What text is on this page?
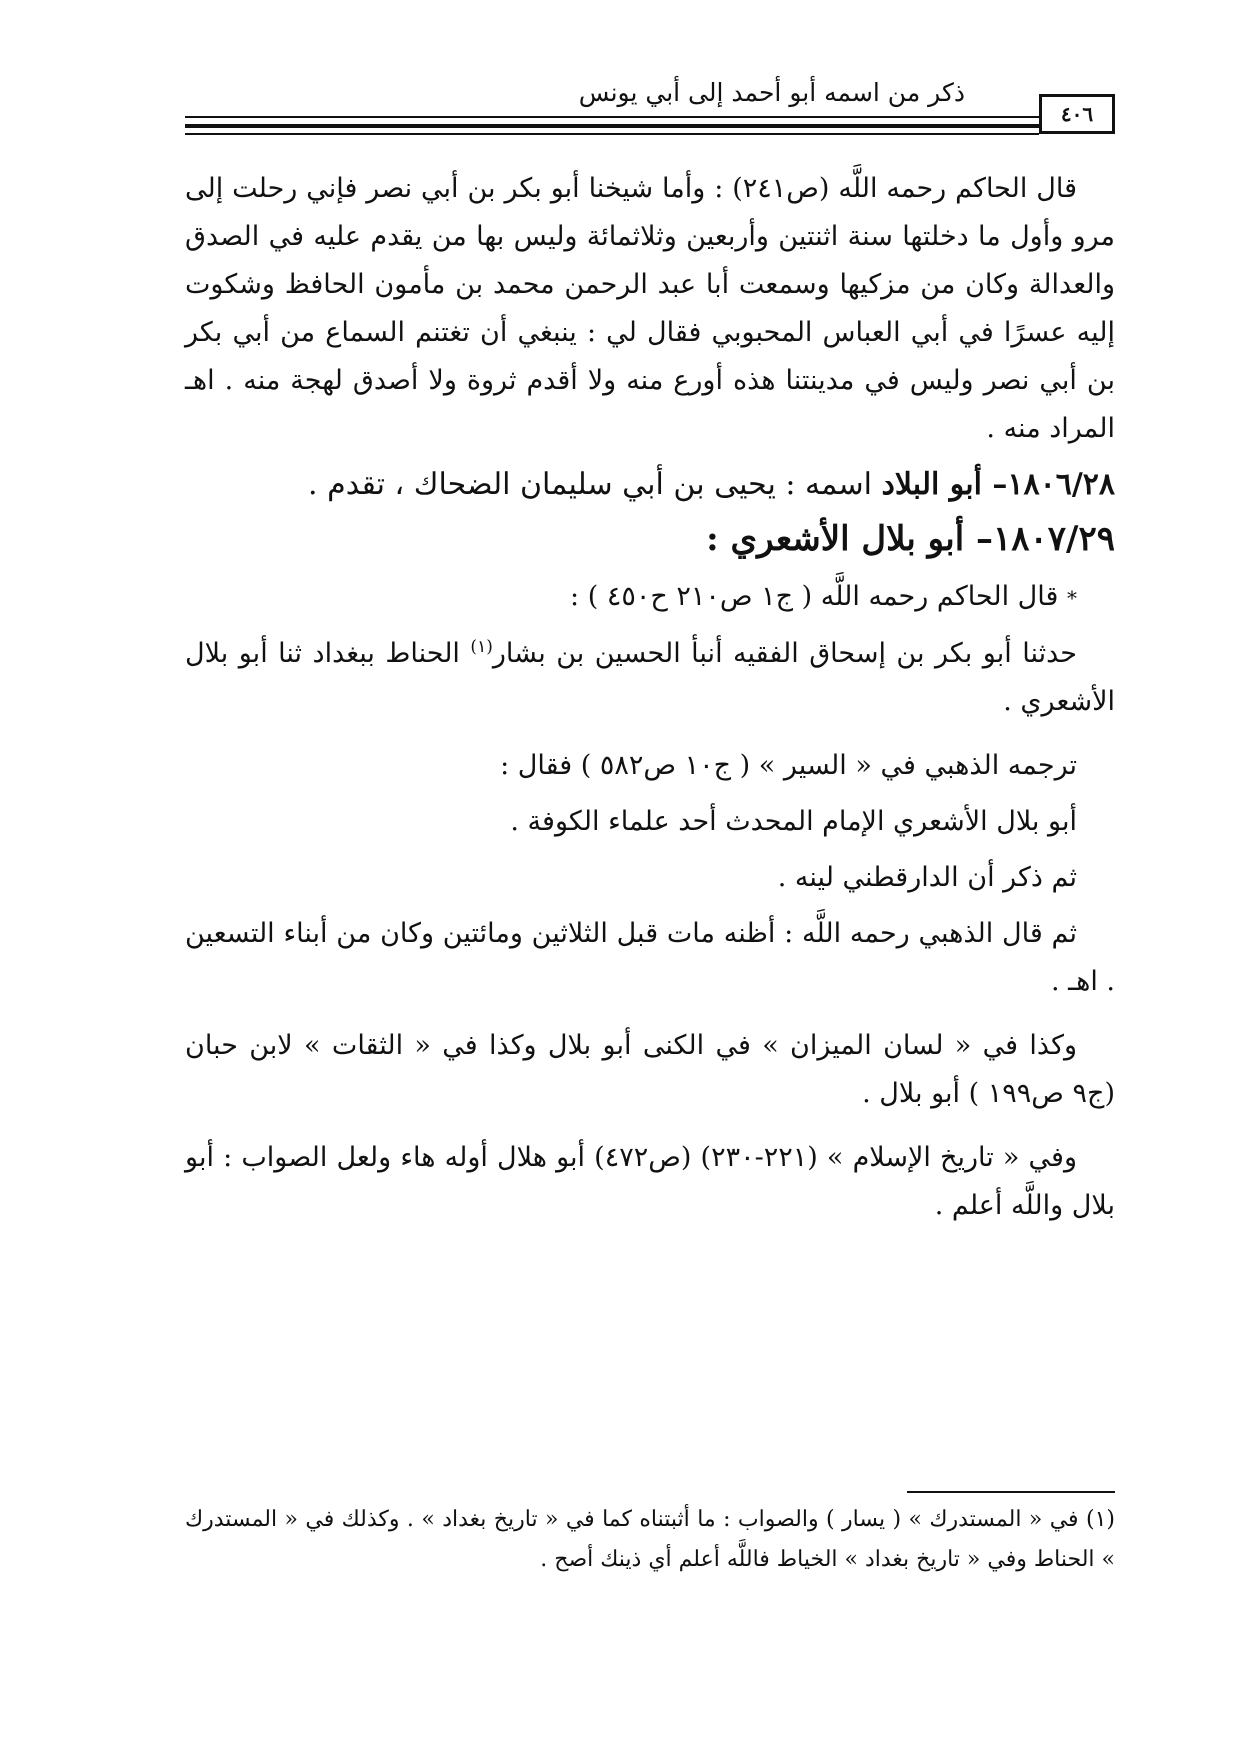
٤٠٦
ذكر من اسمه أبو أحمد إلى أبي يونس

قال الحاكم رحمه اللَّه (ص٢٤١) : وأما شيخنا أبو بكر بن أبي نصر فإني رحلت إلى مرو وأول ما دخلتها سنة اثنتين وأربعين وثلاثمائة وليس بها من يقدم عليه في الصدق والعدالة وكان من مزكيها وسمعت أبا عبد الرحمن محمد بن مأمون الحافظ وشكوت إليه عسرًا في أبي العباس المحبوبي فقال لي : ينبغي أن تغتنم السماع من أبي بكر بن أبي نصر وليس في مدينتنا هذه أورع منه ولا أقدم ثروة ولا أصدق لهجة منه . اهـ المراد منه .

١٨٠٦/٢٨– أبو البلاد اسمه : يحيى بن أبي سليمان الضحاك ، تقدم .

١٨٠٧/٢٩– أبو بلال الأشعري :

* قال الحاكم رحمه اللَّه ( ج١ ص٢١٠ ح٤٥٠ ) :

حدثنا أبو بكر بن إسحاق الفقيه أنبأ الحسين بن بشار$^{(١)}$ الحناط ببغداد ثنا أبو بلال الأشعري .

ترجمه الذهبي في « السير » ( ج١٠ ص٥٨٢ ) فقال :

أبو بلال الأشعري الإمام المحدث أحد علماء الكوفة .

ثم ذكر أن الدارقطني لينه .

ثم قال الذهبي رحمه اللَّه : أظنه مات قبل الثلاثين ومائتين وكان من أبناء التسعين . اهـ .

وكذا في « لسان الميزان » في الكنى أبو بلال وكذا في « الثقات » لابن حبان (ج٩ ص١٩٩ ) أبو بلال .

وفي « تاريخ الإسلام » (٢٢١-٢٣٠) (ص٤٧٢) أبو هلال أوله هاء ولعل الصواب : أبو بلال واللَّه أعلم .

(١) في « المستدرك » ( يسار ) والصواب : ما أثبتناه كما في « تاريخ بغداد » . وكذلك في « المستدرك » الحناط وفي « تاريخ بغداد » الخياط فاللَّه أعلم أي ذينك أصح .
